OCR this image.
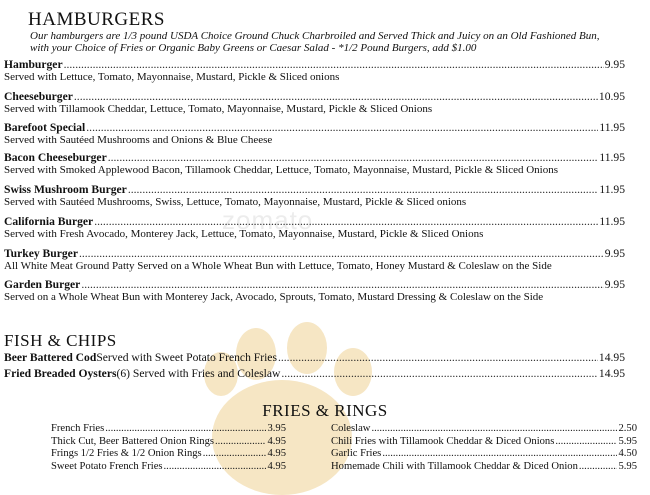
zomato
HAMBURGERS
Our hamburgers are 1/3 pound USDA Choice Ground Chuck Charbroiled and Served Thick and Juicy on an Old Fashioned Bun,
with your Choice of Fries or Organic Baby Greens or Caesar Salad - *1/2 Pound Burgers, add $1.00
Hamburger .....	9.95
Served with Lettuce, Tomato, Mayonnaise, Mustard, Pickle & Sliced onions
Cheeseburger .....	10.95
Served with Tillamook Cheddar, Lettuce, Tomato, Mayonnaise, Mustard, Pickle & Sliced Onions
Barefoot Special .....	11.95
Served with Sautéed Mushrooms and Onions & Blue Cheese
Bacon Cheeseburger .....	11.95
Served with Smoked Applewood Bacon, Tillamook Cheddar, Lettuce, Tomato, Mayonnaise, Mustard, Pickle & Sliced Onions
Swiss Mushroom Burger .....	11.95
Served with Sautéed Mushrooms, Swiss, Lettuce, Tomato, Mayonnaise, Mustard, Pickle & Sliced onions
California Burger .....	11.95
Served with Fresh Avocado, Monterey Jack, Lettuce, Tomato, Mayonnaise, Mustard, Pickle & Sliced Onions
Turkey Burger .....	9.95
All White Meat Ground Patty Served on a Whole Wheat Bun with Lettuce, Tomato, Honey Mustard & Coleslaw on the Side
Garden Burger .....	9.95
Served on a Whole Wheat Bun with Monterey Jack, Avocado, Sprouts, Tomato, Mustard Dressing & Coleslaw on the Side
FISH & CHIPS
Beer Battered Cod Served with Sweet Potato French Fries .....	14.95
Fried Breaded Oysters (6) Served with Fries and Coleslaw .....	14.95
FRIES & RINGS
French Fries .....	3.95
Thick Cut, Beer Battered Onion Rings .....	4.95
Frings 1/2 Fries & 1/2 Onion Rings .....	4.95
Sweet Potato French Fries .....	4.95
Coleslaw .....	2.50
Chili Fries with Tillamook Cheddar & Diced Onions .....	5.95
Garlic Fries .....	4.50
Homemade Chili with Tillamook Cheddar & Diced Onion .....	5.95
